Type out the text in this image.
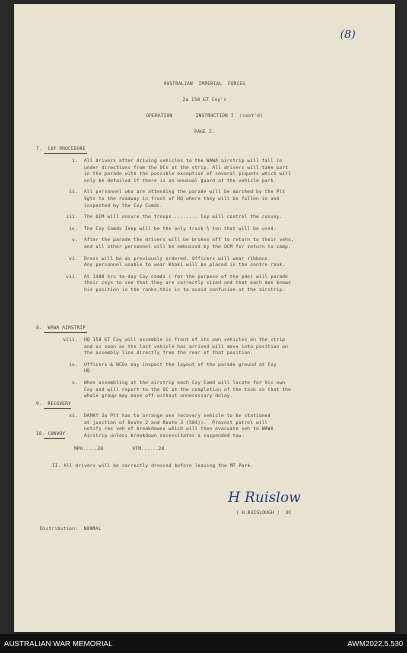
(8)
AUSTRALIAN  IMPERIAL  FORCES
2a 158 GT Coy's
OPERATION        INSTRUCTION I  (cont'd)
PAGE 2.
MPH.....20          VTM......20
II. All drivers will be correctly dressed before leaving the MT Park.
H Ruislow
( H.RUISLOUGH )  OC
Distribution:  NORMAL
7.  COY PROCEDURE
i. All drivers after driving vehicles to the WAWA airstrip will fall in
under directions from the OCs at the strip. All drivers will take part
in the parade with the possible exception of several piquets which will
only be detailed if there is an unusual guard at the vehicle park.
ii. All personnel who are attending the parade will be marched by the Plt
Sgts to the roadway in front of HQ where they will be fallen in and
inspected by the Coy Comds.
iii. The OCM will ensure the troops......... Coy will control the convoy.
iv. The Coy Comds Jeep will be the only truck ½ ton that will be used.
v. After the parade the drivers will be broken off to return to their vehs,
and all other personnel will be embussed by the OCM for return to camp.
vi. Dress will be as previously ordered. Officers will wear ribbons.
Any personnel unable to wear Khaki will be placed in the centre rank.
vii. At 1400 hrs to-day Coy comds ( for the purpose of the pde) will parade
their coys to see that they are correctly sized and that each man knows
his position in the ranks,this is to avoid confusion at the airstrip.
8.  WAWA AIRSTRIP
viii. HQ 158 GT Coy will assemble in front of its own vehicles on the strip
and as soon as the last vehicle has arrived will move into position on
the assembly line directly from the rear of that position.
ix. Officers & NCOs may inspect the layout of the parade ground at Coy
HQ
x. When assembling at the airstrip each Coy Comd will locate for his own
Coy and will report to the OC at the completion of the task so that the
whole group may move off without unnecessary delay.
9.  RECOVERY
xi. DAMAY 3a Plt has to arrange one recovery vehicle to be stationed
at junction of Route 2 and Route 3 (504)).  Provost patrol will
notify rec veh of breakdowns which will then evacuate veh to WAWA
Airstrip unless breakdown necessitates a suspended tow.
10. CONVOY
AUSTRALIAN WAR MEMORIAL	AWM2022.5.530
